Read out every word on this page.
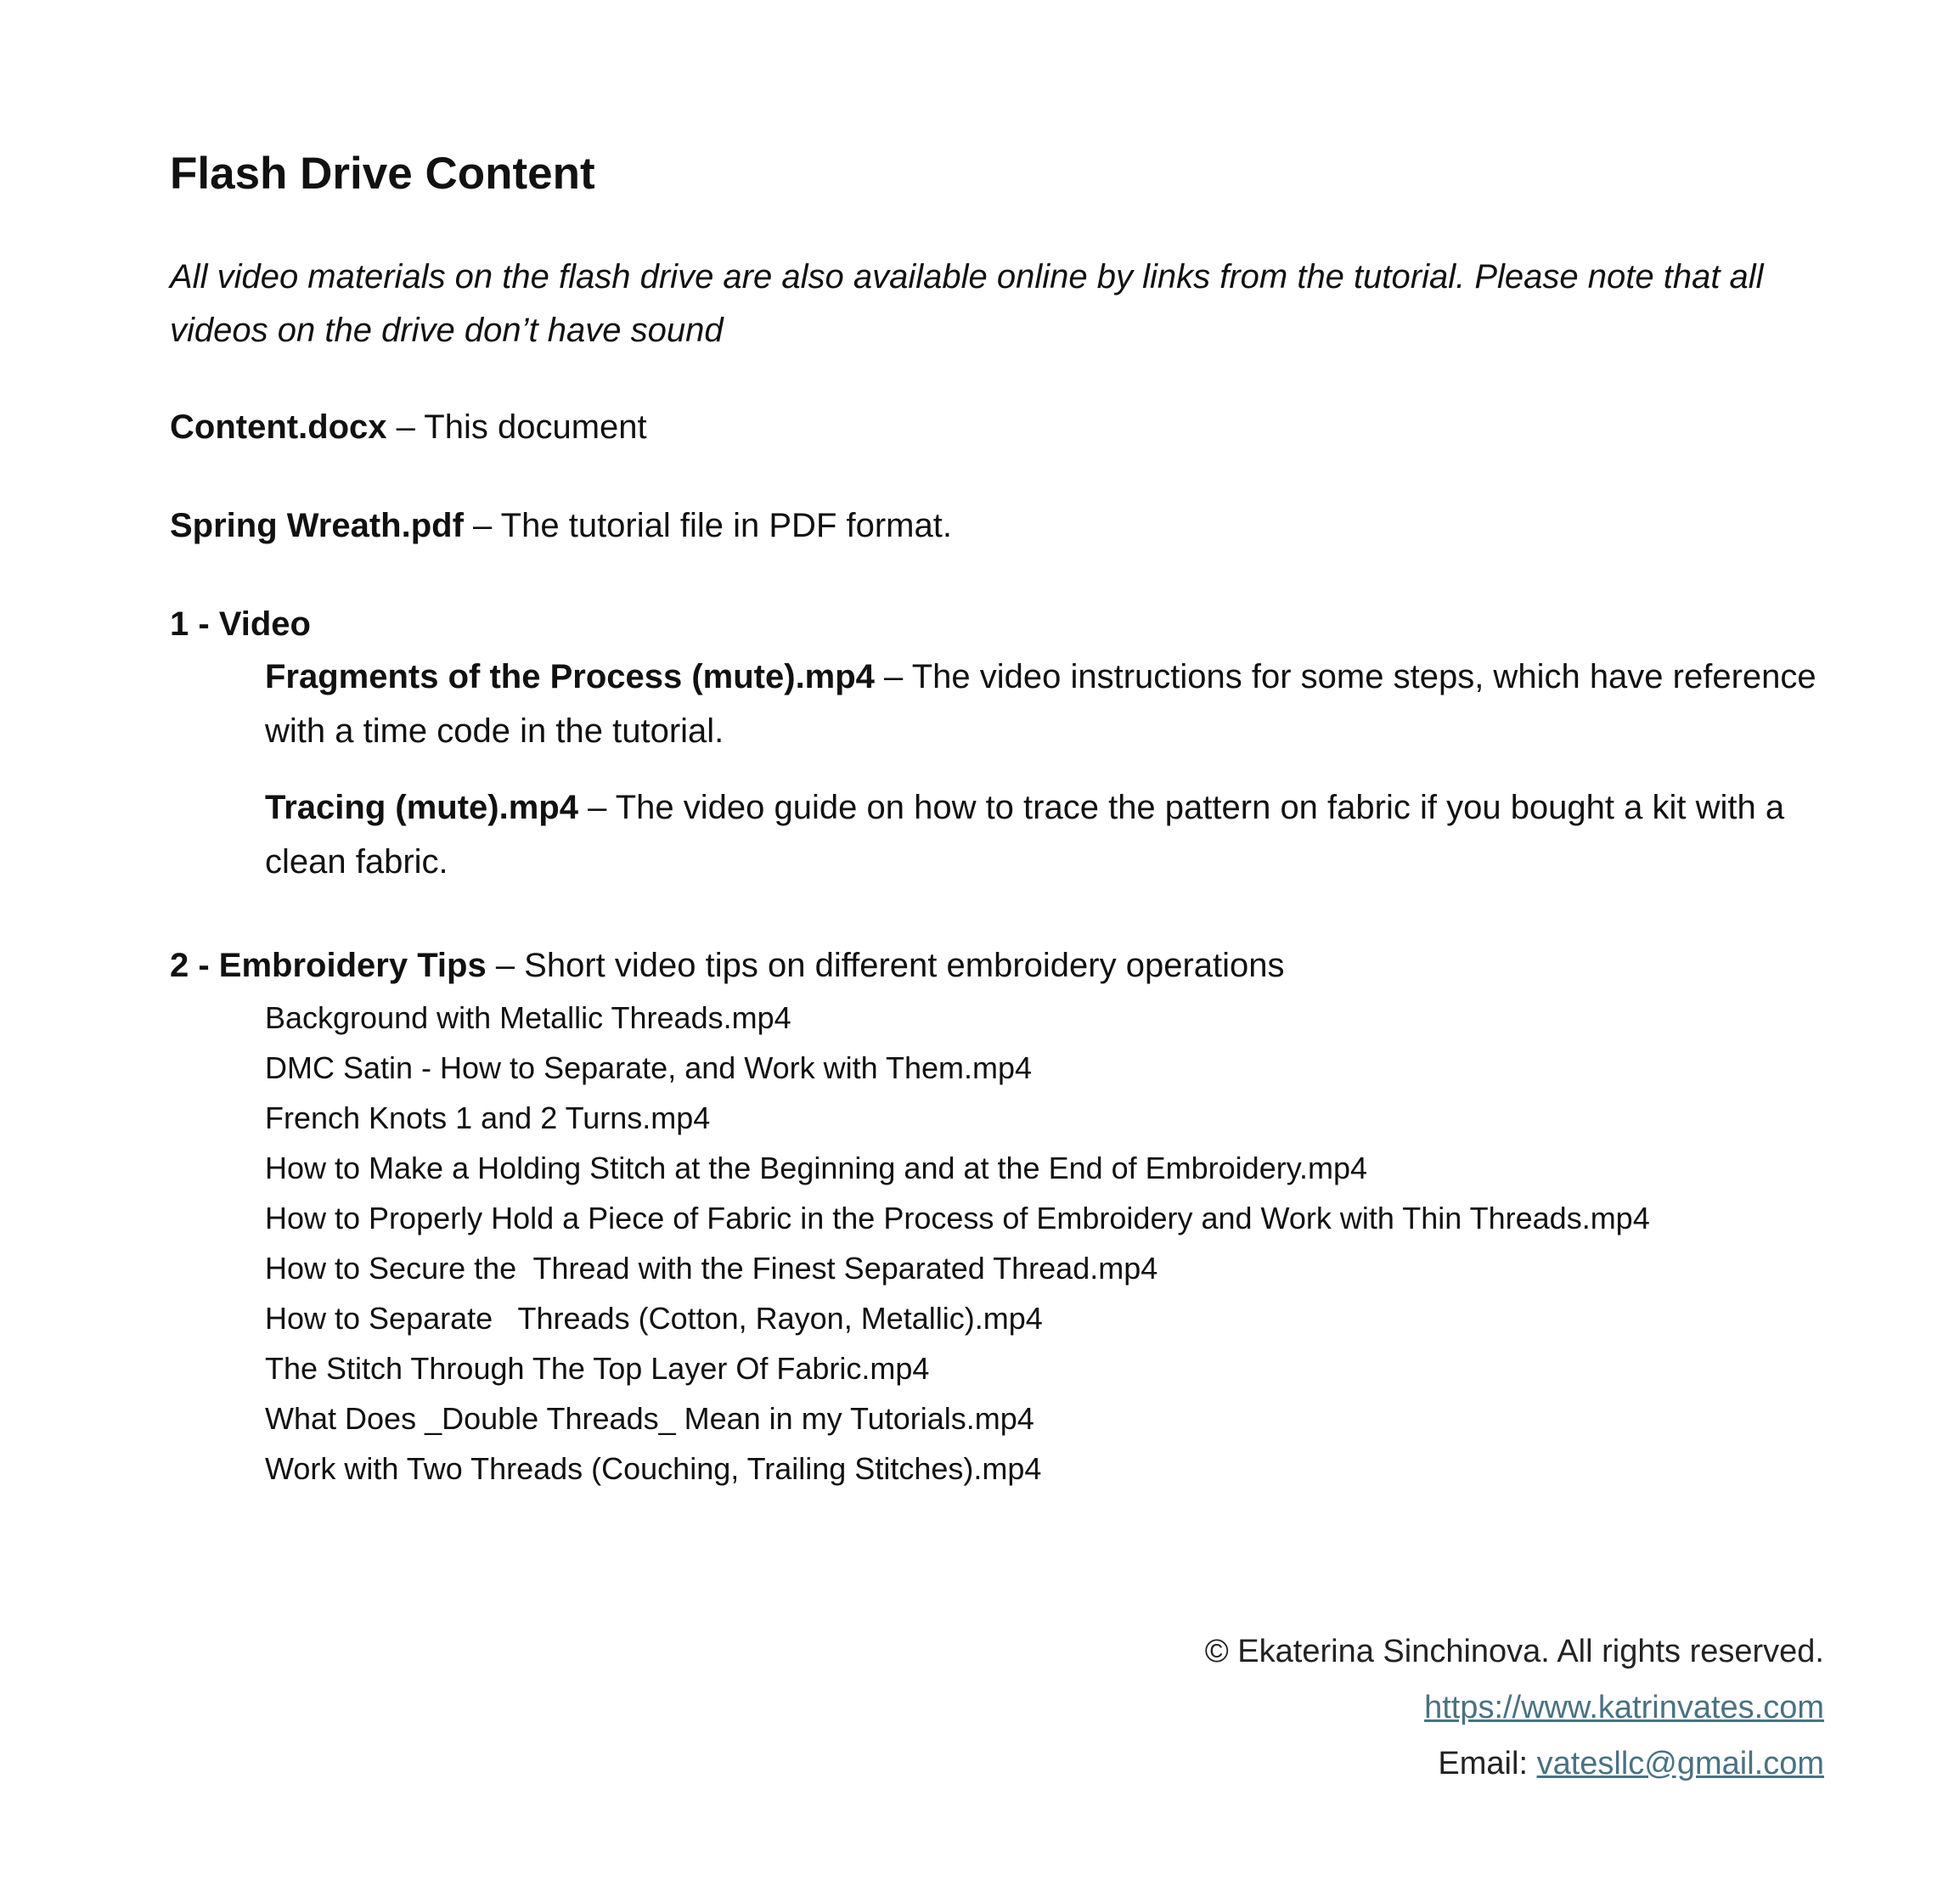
Flash Drive Content

All video materials on the flash drive are also available online by links from the tutorial. Please note that all videos on the drive don’t have sound

Content.docx – This document

Spring Wreath.pdf – The tutorial file in PDF format.

1 - Video

Fragments of the Process (mute).mp4 – The video instructions for some steps, which have reference with a time code in the tutorial.

Tracing (mute).mp4 – The video guide on how to trace the pattern on fabric if you bought a kit with a clean fabric.

2 - Embroidery Tips – Short video tips on different embroidery operations

Background with Metallic Threads.mp4
DMC Satin - How to Separate, and Work with Them.mp4
French Knots 1 and 2 Turns.mp4
How to Make a Holding Stitch at the Beginning and at the End of Embroidery.mp4
How to Properly Hold a Piece of Fabric in the Process of Embroidery and Work with Thin Threads.mp4
How to Secure the  Thread with the Finest Separated Thread.mp4
How to Separate   Threads (Cotton, Rayon, Metallic).mp4
The Stitch Through The Top Layer Of Fabric.mp4
What Does _Double Threads_ Mean in my Tutorials.mp4
Work with Two Threads (Couching, Trailing Stitches).mp4
© Ekaterina Sinchinova. All rights reserved.
https://www.katrinvates.com
Email: vatesllc@gmail.com
